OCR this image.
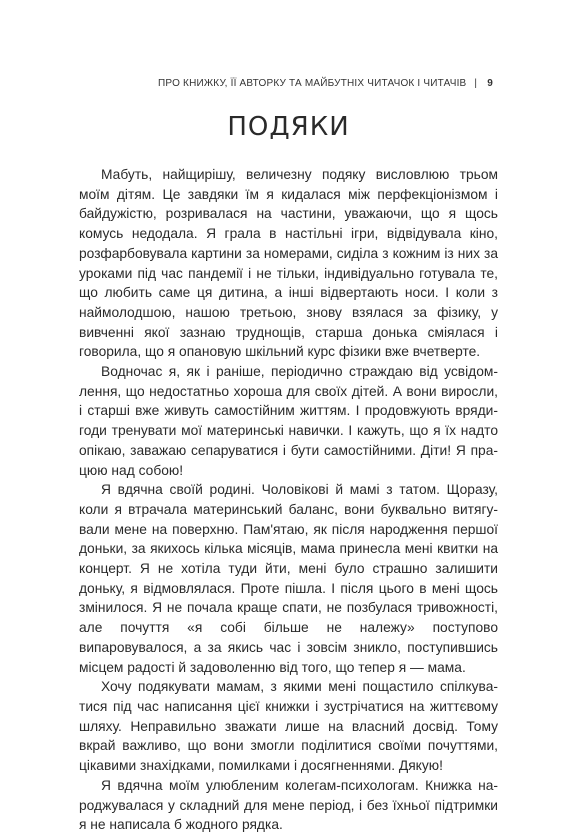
ПРО КНИЖКУ, ЇЇ АВТОРКУ ТА МАЙБУТНІХ ЧИТАЧОК І ЧИТАЧІВ | 9
ПОДЯКИ

Мабуть, найщирішу, величезну подяку висловлюю трьом моїм дітям. Це завдяки їм я кидалася між перфекціонізмом і байдужістю, розривалася на частини, уважаючи, що я щось комусь недодала. Я грала в настільні ігри, відвідувала кіно, розфарбовувала картини за номерами, сиділа з кожним із них за уроками під час пандемії і не тільки, індивідуально готувала те, що любить саме ця дитина, а інші відвертають носи. І коли з наймолодшою, нашою третьою, знову взялася за фізику, у вивченні якої зазнаю труднощів, старша донька сміялася і говорила, що я опановую шкільний курс фізики вже вчетверте.

Водночас я, як і раніше, періодично страждаю від усвідомлення, що недостатньо хороша для своїх дітей. А вони виросли, і старші вже живуть самостійним життям. І продовжують врядигоди тренувати мої материнські навички. І кажуть, що я їх надто опікаю, заважаю сепаруватися і бути самостійними. Діти! Я працюю над собою!

Я вдячна своїй родині. Чоловікові й мамі з татом. Щоразу, коли я втрачала материнський баланс, вони буквально витягували мене на поверхню. Пам'ятаю, як після народження першої доньки, за якихось кілька місяців, мама принесла мені квитки на концерт. Я не хотіла туди йти, мені було страшно залишити доньку, я відмовлялася. Проте пішла. І після цього в мені щось змінилося. Я не почала краще спати, не позбулася тривожності, але почуття «я собі більше не належу» поступово випаровувалося, а за якись час і зовсім зникло, поступившись місцем радості й задоволенню від того, що тепер я — мама.

Хочу подякувати мамам, з якими мені пощастило спілкуватися під час написання цієї книжки і зустрічатися на життєвому шляху. Неправильно зважати лише на власний досвід. Тому вкрай важливо, що вони змогли поділитися своїми почуттями, цікавими знахідками, помилками і досягненнями. Дякую!

Я вдячна моїм улюбленим колегам-психологам. Книжка народжувалася у складний для мене період, і без їхньої підтримки я не написала б жодного рядка.
